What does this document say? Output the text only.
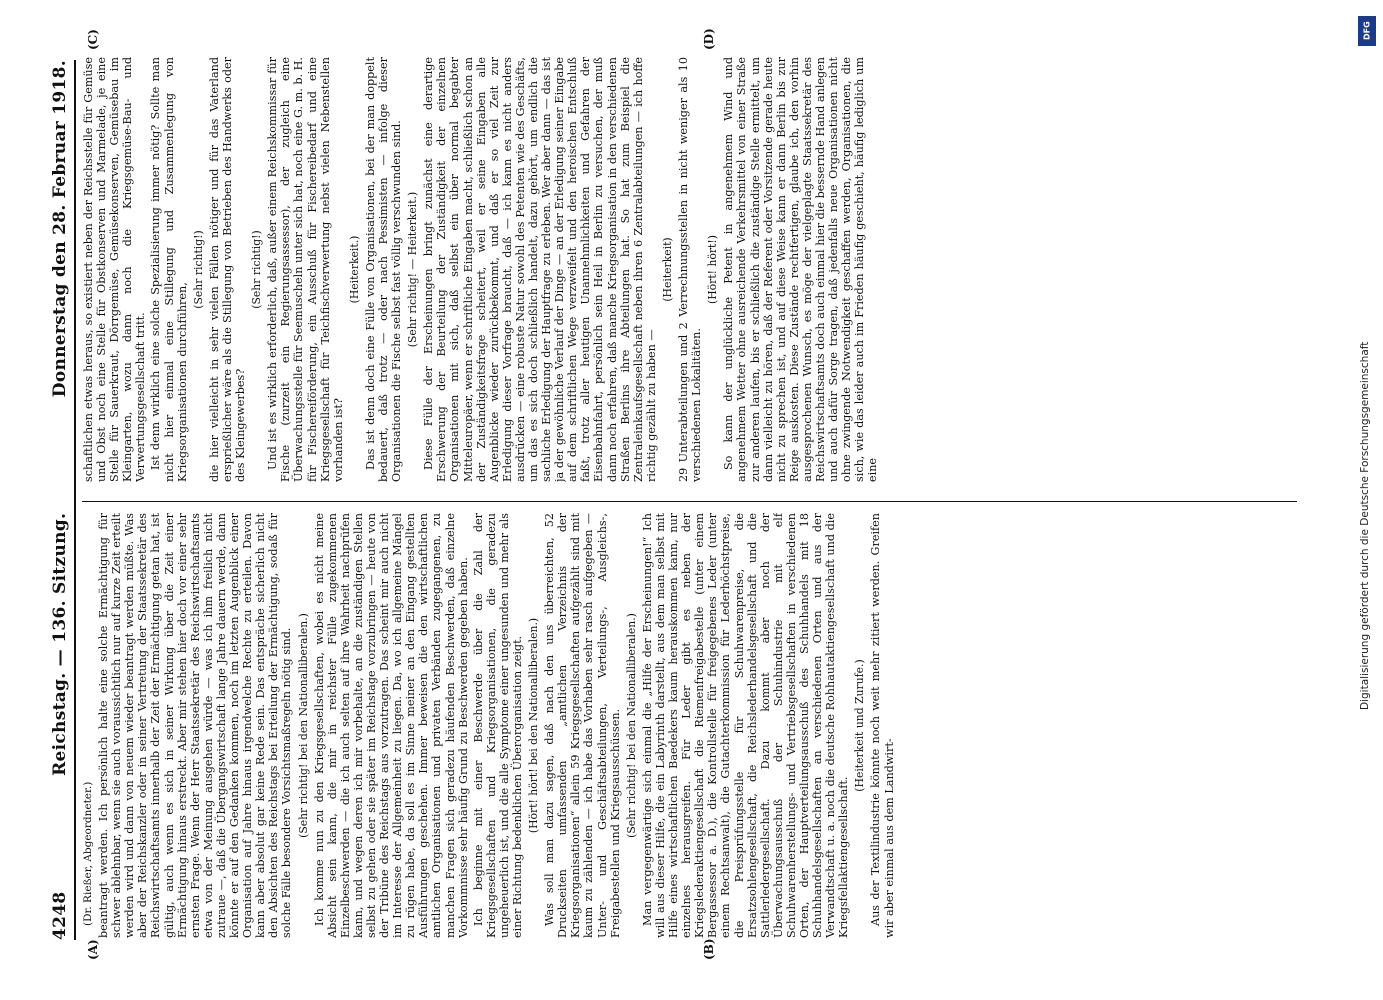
4248
Reichstag. — 136. Sitzung.
Donnerstag den 28. Februar 1918.
(A)	(B)
(C)	(D)

(Dr. Rießer, Abgeordneter.) beantragt werden. Ich persönlich halte eine solche Ermächtigung für schwer ablehnbar, wenn sie auch voraussichtlich nur auf kurze Zeit erteilt werden wird und dann von neuem wieder beantragt werden müßte. Was aber der Reichskanzler oder in seiner Vertretung der Staatssekretär des Reichswirtschaftsamts innerhalb der Zeit der Ermächtigung getan hat, ist gültig, auch wenn es sich in seiner Wirkung über die Zeit einer Ermächtigung hinaus erstreckt. Aber mir stehen hier doch vor einer sehr ernsten Frage. Wenn der Herr Staatssekretär des Reichswirtschaftsamts etwa von der Meinung ausgehen würde — was ich ihm freilich nicht zutraue —, daß die Übergangswirtschaft lange Jahre dauern werde, dann könnte er auf den Gedanken kommen, noch im letzten Augenblick einer Organisation auf Jahre hinaus irgendwelche Rechte zu erteilen. Davon kann aber absolut gar keine Rede sein. Das entspräche sicherlich nicht den Absichten des Reichstags bei Erteilung der Ermächtigung, sodaß für solche Fälle besondere Vorsichtsmaßregeln nötig sind. (Sehr richtig! bei den Nationalliberalen.) Ich komme nun zu den Kriegsgesellschaften, wobei es nicht meine Absicht sein kann, die mir in reichster Fülle zugekommenen Einzelbeschwerden — die ich auch selten auf ihre Wahrheit nachprüfen kann, und wegen deren ich mir vorbehalte, an die zuständigen Stellen selbst zu gehen oder sie später im Reichstage vorzubringen — heute von der Tribüne des Reichstags aus vorzutragen. Das scheint mir auch nicht im Interesse der Allgemeinheit zu liegen. Da, wo ich allgemeine Mängel zu rügen habe, da soll es im Sinne meiner an den Eingang gestellten Ausführungen geschehen. Immer beweisen die den wirtschaftlichen amtlichen Organisationen und privaten Verbänden zugegangenen, zu manchen Fragen sich geradezu häufenden Beschwerden, daß einzelne Vorkommnisse sehr häufig Grund zu Beschwerden gegeben haben. Ich beginne mit einer Beschwerde über die Zahl der Kriegsgesellschaften und Kriegsorganisationen, die geradezu ungeheuerlich ist, und die alle Symptome einer ungesunden und mehr als einer Richtung bedenklichen Überorganisation zeigt. (Hört! hört! bei den Nationalliberalen.) Was soll man dazu sagen, daß nach den uns überreichten, 52 Druckseiten umfassenden „amtlichen Verzeichnis der Kriegsorganisationen“ allein 59 Kriegsgesellschaften aufgezählt sind mit kaum zu zählenden — ich habe das Vorhaben sehr rasch aufgegeben — Unter- und Geschäftsabteilungen, Verteilungs-, Ausgleichs-, Freigabestellen und Kriegsausschüssen. (Sehr richtig! bei den Nationalliberalen.) Man vergegenwärtige sich einmal die „Hilfe der Erscheinungen!“ Ich will aus dieser Hilfe, die ein Labyrinth darstellt, aus dem man selbst mit Hilfe eines wirtschaftlichen Baedekers kaum herauskommen kann, nur einzelnes herausgreifen. Für Leder gibt es neben der Kriegslederaktiengesellschaft die Riemenfreigabestelle (unter einem Bergassessor a. D.), die Kontrollstelle für freigegebenes Leder (unter einem Rechtsanwalt), die Gutachterkommission für Lederhöchstpreise, die Preisprüfungsstelle für Schuhwarenpreise, die Ersatzsohlengesellschaft, die Reichslederhandelsgesellschaft und die Sattlerledergesellschaft. Dazu kommt aber noch der Überwachungsausschuß der Schuhindustrie mit elf Schuhwarenherstellungs- und Vertriebsgesellschaften in verschiedenen Orten, der Hauptverteilungsausschuß des Schuhhandels mit 18 Schuhhandelsgesellschaften an verschiedenen Orten und aus der Verwandtschaft u. a. noch die deutsche Rohhautaktiengesellschaft und die Kriegsfellaktiengesellschaft.

(Heiterkeit und Zurufe.) Aus der Textilindustrie könnte noch weit mehr zitiert werden. Greifen wir aber einmal aus dem Landwirt-

schaftlichen etwas heraus, so existiert neben der Reichsstelle für Gemüse und Obst noch eine Stelle für Obstkonserven und Marmelade, je eine Stelle für Sauerkraut, Dörrgemüse, Gemüsekonserven, Gemüsebau im Kleingarten, wozu dann noch die Kriegsgemüse-Bau- und Verwertungsgesellschaft tritt. Ist denn wirklich eine solche Spezialisierung immer nötig? Sollte man nicht hier einmal eine Stillegung und Zusammenlegung von Kriegsorganisationen durchführen,

(Sehr richtig!) die hier vielleicht in sehr vielen Fällen nötiger und für das Vaterland ersprießlicher wäre als die Stillegung von Betrieben des Handwerks oder des Kleingewerbes?

(Sehr richtig!) Und ist es wirklich erforderlich, daß, außer einem Reichskommissar für Fische (zurzeit ein Regierungsassessor), der zugleich eine Überwachungsstelle für Seemuscheln unter sich hat, noch eine G. m. b. H. für Fischereiförderung, ein Ausschuß für Fischereibedarf und eine Kriegsgesellschaft für Teichfischverwertung nebst vielen Nebenstellen vorhanden ist?

(Heiterkeit.) Das ist denn doch eine Fülle von Organisationen, bei der man doppelt bedauert, daß trotz — oder nach Pessimisten — infolge dieser Organisationen die Fische selbst fast völlig verschwunden sind. (Sehr richtig! — Heiterkeit.) Diese Fülle der Erscheinungen bringt zunächst eine derartige Erschwerung der Beurteilung der Zuständigkeit der einzelnen Organisationen mit sich, daß selbst ein über normal begabter Mitteleuropäer, wenn er schriftliche Eingaben macht, schließlich schon an der Zuständigkeitsfrage scheitert, weil er seine Eingaben alle Augenblicke wieder zurückbekommt, und daß er so viel Zeit zur Erledigung dieser Vorfrage braucht, daß — ich kann es nicht anders ausdrücken — eine robuste Natur sowohl des Petenten wie des Geschäfts, um das es sich doch schließlich handelt, dazu gehört, um endlich die sachliche Erledigung der Hauptfrage zu erleben. Wer aber dann — das ist ja der gewöhnliche Verlauf der Dinge — an der Erledigung seiner Eingabe auf dem schriftlichen Wege verzweifelt und den heroischen Entschluß faßt, trotz aller heutigen Unannehmlichkeiten und Gefahren der Eisenbahnfahrt, persönlich sein Heil in Berlin zu versuchen, der muß dann noch erfahren, daß manche Kriegsorganisation in den verschiedenen Straßen Berlins ihre Abteilungen hat. So hat zum Beispiel die Zentraleinkaufsgesellschaft neben ihren 6 Zentralabteilungen — ich hoffe richtig gezählt zu haben —

(Heiterkeit) 29 Unterabteilungen und 2 Verrechnungsstellen in nicht weniger als 10 verschiedenen Lokalitäten.

(Hört! hört!) So kann der unglückliche Petent in angenehmem Wind und angenehmem Wetter ohne ausreichende Verkehrsmittel von einer Straße zur anderen laufen, bis er schließlich die zuständige Stelle ermittelt, um dann vielleicht zu hören, daß der Referent oder Vorsitzende gerade heute nicht zu sprechen ist, und auf diese Weise kann er dann Berlin bis zur Reige auskosten. Diese Zustände rechtfertigen, glaube ich, den vorhin ausgesprochenen Wunsch, es möge der vielgeplagte Staatssekretär des Reichswirtschaftsamts doch auch einmal hier die bessernde Hand anlegen und auch dafür Sorge tragen, daß jedenfalls neue Organisationen nicht ohne zwingende Notwendigkeit geschaffen werden, Organisationen, die sich, wie das leider auch im Frieden häufig geschieht, häufig lediglich um eine

DFG
Digitalisierung gefördert durch die Deutsche Forschungsgemeinschaft
